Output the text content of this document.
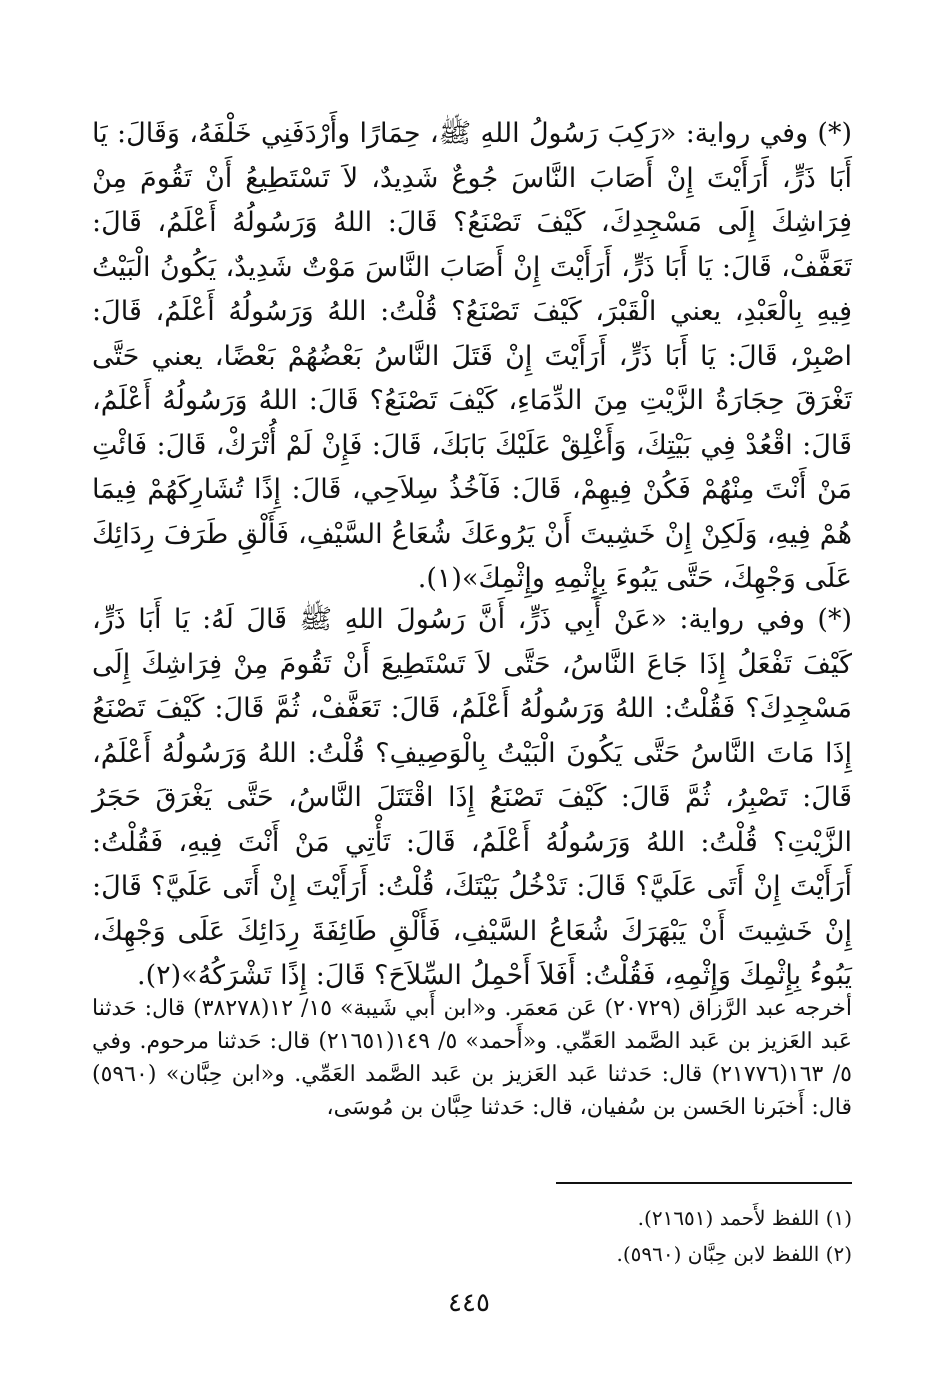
(*) وفي رواية: «رَكِبَ رَسُولُ اللهِ ﷺ، حِمَارًا وأَرْدَفَنِي خَلْفَهُ، وَقَالَ: يَا أَبَا ذَرٍّ، أَرَأَيْتَ إِنْ أَصَابَ النَّاسَ جُوعٌ شَدِيدٌ، لاَ تَسْتَطِيعُ أَنْ تَقُومَ مِنْ فِرَاشِكَ إِلَى مَسْجِدِكَ، كَيْفَ تَصْنَعُ؟ قَالَ: اللهُ وَرَسُولُهُ أَعْلَمُ، قَالَ: تَعَفَّفْ، قَالَ: يَا أَبَا ذَرٍّ، أَرَأَيْتَ إِنْ أَصَابَ النَّاسَ مَوْتٌ شَدِيدٌ، يَكُونُ الْبَيْتُ فِيهِ بِالْعَبْدِ، يعني الْقَبْرَ، كَيْفَ تَصْنَعُ؟ قُلْتُ: اللهُ وَرَسُولُهُ أَعْلَمُ، قَالَ: اصْبِرْ، قَالَ: يَا أَبَا ذَرٍّ، أَرَأَيْتَ إِنْ قَتَلَ النَّاسُ بَعْضُهُمْ بَعْضًا، يعني حَتَّى تَغْرَقَ حِجَارَةُ الزَّيْتِ مِنَ الدِّمَاءِ، كَيْفَ تَصْنَعُ؟ قَالَ: اللهُ وَرَسُولُهُ أَعْلَمُ، قَالَ: اقْعُدْ فِي بَيْتِكَ، وَأَغْلِقْ عَلَيْكَ بَابَكَ، قَالَ: فَإِنْ لَمْ أُتْرَكْ، قَالَ: فَائْتِ مَنْ أَنْتَ مِنْهُمْ فَكُنْ فِيهِمْ، قَالَ: فَآخُذُ سِلاَحِي، قَالَ: إِذًا تُشَارِكَهُمْ فِيمَا هُمْ فِيهِ، وَلَكِنْ إِنْ خَشِيتَ أَنْ يَرُوعَكَ شُعَاعُ السَّيْفِ، فَأَلْقِ طَرَفَ رِدَائِكَ عَلَى وَجْهِكَ، حَتَّى يَبُوءَ بِإِثْمِهِ وإِثْمِكَ»(١).

(*) وفي رواية: «عَنْ أَبِي ذَرٍّ، أَنَّ رَسُولَ اللهِ ﷺ قَالَ لَهُ: يَا أَبَا ذَرٍّ، كَيْفَ تَفْعَلُ إِذَا جَاعَ النَّاسُ، حَتَّى لاَ تَسْتَطِيعَ أَنْ تَقُومَ مِنْ فِرَاشِكَ إِلَى مَسْجِدِكَ؟ فَقُلْتُ: اللهُ وَرَسُولُهُ أَعْلَمُ، قَالَ: تَعَفَّفْ، ثُمَّ قَالَ: كَيْفَ تَصْنَعُ إِذَا مَاتَ النَّاسُ حَتَّى يَكُونَ الْبَيْتُ بِالْوَصِيفِ؟ قُلْتُ: اللهُ وَرَسُولُهُ أَعْلَمُ، قَالَ: تَصْبِرُ، ثُمَّ قَالَ: كَيْفَ تَصْنَعُ إِذَا اقْتَتَلَ النَّاسُ، حَتَّى يَغْرَقَ حَجَرُ الزَّيْتِ؟ قُلْتُ: اللهُ وَرَسُولُهُ أَعْلَمُ، قَالَ: تَأْتِي مَنْ أَنْتَ فِيهِ، فَقُلْتُ: أَرَأَيْتَ إِنْ أَتَى عَلَيَّ؟ قَالَ: تَدْخُلُ بَيْتَكَ، قُلْتُ: أَرَأَيْتَ إِنْ أَتَى عَلَيَّ؟ قَالَ: إِنْ خَشِيتَ أَنْ يَبْهَرَكَ شُعَاعُ السَّيْفِ، فَأَلْقِ طَائِفَةَ رِدَائِكَ عَلَى وَجْهِكَ، يَبُوءُ بِإِثْمِكَ وَإِثْمِهِ، فَقُلْتُ: أَفَلاَ أَحْمِلُ السِّلاَحَ؟ قَالَ: إِذًا تَشْرَكُهُ»(٢).

أخرجه عبد الرَّزاق (٢٠٧٢٩) عَن مَعمَر. و«ابن أَبي شَيبة» ١٥/ ١٢(٣٨٢٧٨) قال: حَدثنا عَبد العَزيز بن عَبد الصَّمد العَمِّي. و«أَحمد» ٥/ ١٤٩(٢١٦٥١) قال: حَدثنا مرحوم. وفي ٥/ ١٦٣(٢١٧٧٦) قال: حَدثنا عَبد العَزيز بن عَبد الصَّمد العَمِّي. و«ابن حِبَّان» (٥٩٦٠) قال: أَخبَرنا الحَسن بن سُفيان، قال: حَدثنا حِبَّان بن مُوسَى،

(١) اللفظ لأَحمد (٢١٦٥١).
(٢) اللفظ لابن حِبَّان (٥٩٦٠).
٤٤٥
